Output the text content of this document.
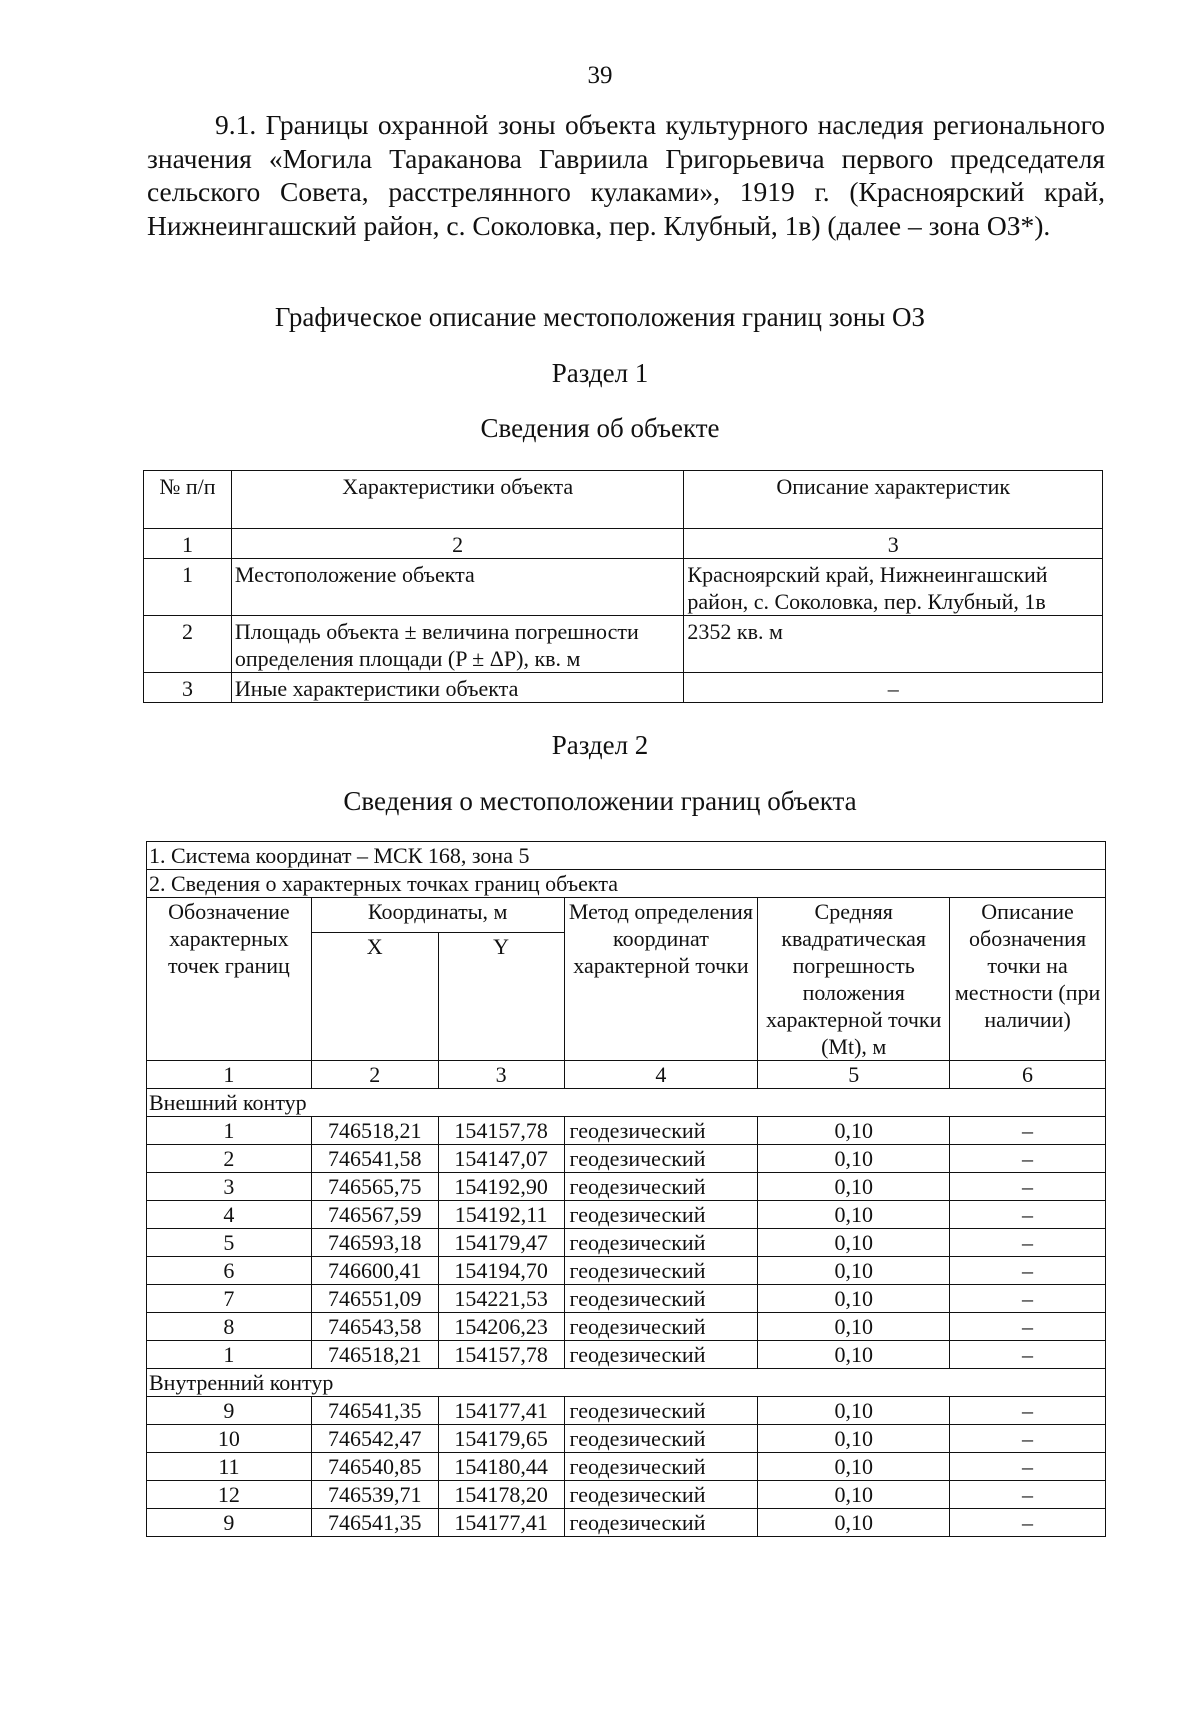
39
9.1. Границы охранной зоны объекта культурного наследия регионального значения «Могила Тараканова Гавриила Григорьевича первого председателя сельского Совета, расстрелянного кулаками», 1919 г. (Красноярский край, Нижнеингашский район, с. Соколовка, пер. Клубный, 1в) (далее – зона ОЗ*).
Графическое описание местоположения границ зоны ОЗ
Раздел 1
Сведения об объекте
№ п/п	Характеристики объекта	Описание характеристик
1	2	3
1	Местоположение объекта	Красноярский край, Нижнеингашский район, с. Соколовка, пер. Клубный, 1в
2	Площадь объекта ± величина погрешности определения площади (P ± ΔP), кв. м	2352 кв. м
3	Иные характеристики объекта	–
Раздел 2
Сведения о местоположении границ объекта
1. Система координат – МСК 168, зона 5					
2. Сведения о характерных точках границ объекта					
Обозначение характерных точек границ	Координаты, м		Метод определения координат характерной точки	Средняя квадратическая погрешность положения характерной точки (Mt), м	Описание обозначения точки на местности (при наличии)
	X	Y			
1	2	3	4	5	6
Внешний контур					
1	746518,21	154157,78	геодезический	0,10	–
2	746541,58	154147,07	геодезический	0,10	–
3	746565,75	154192,90	геодезический	0,10	–
4	746567,59	154192,11	геодезический	0,10	–
5	746593,18	154179,47	геодезический	0,10	–
6	746600,41	154194,70	геодезический	0,10	–
7	746551,09	154221,53	геодезический	0,10	–
8	746543,58	154206,23	геодезический	0,10	–
1	746518,21	154157,78	геодезический	0,10	–
Внутренний контур					
9	746541,35	154177,41	геодезический	0,10	–
10	746542,47	154179,65	геодезический	0,10	–
11	746540,85	154180,44	геодезический	0,10	–
12	746539,71	154178,20	геодезический	0,10	–
9	746541,35	154177,41	геодезический	0,10	–
